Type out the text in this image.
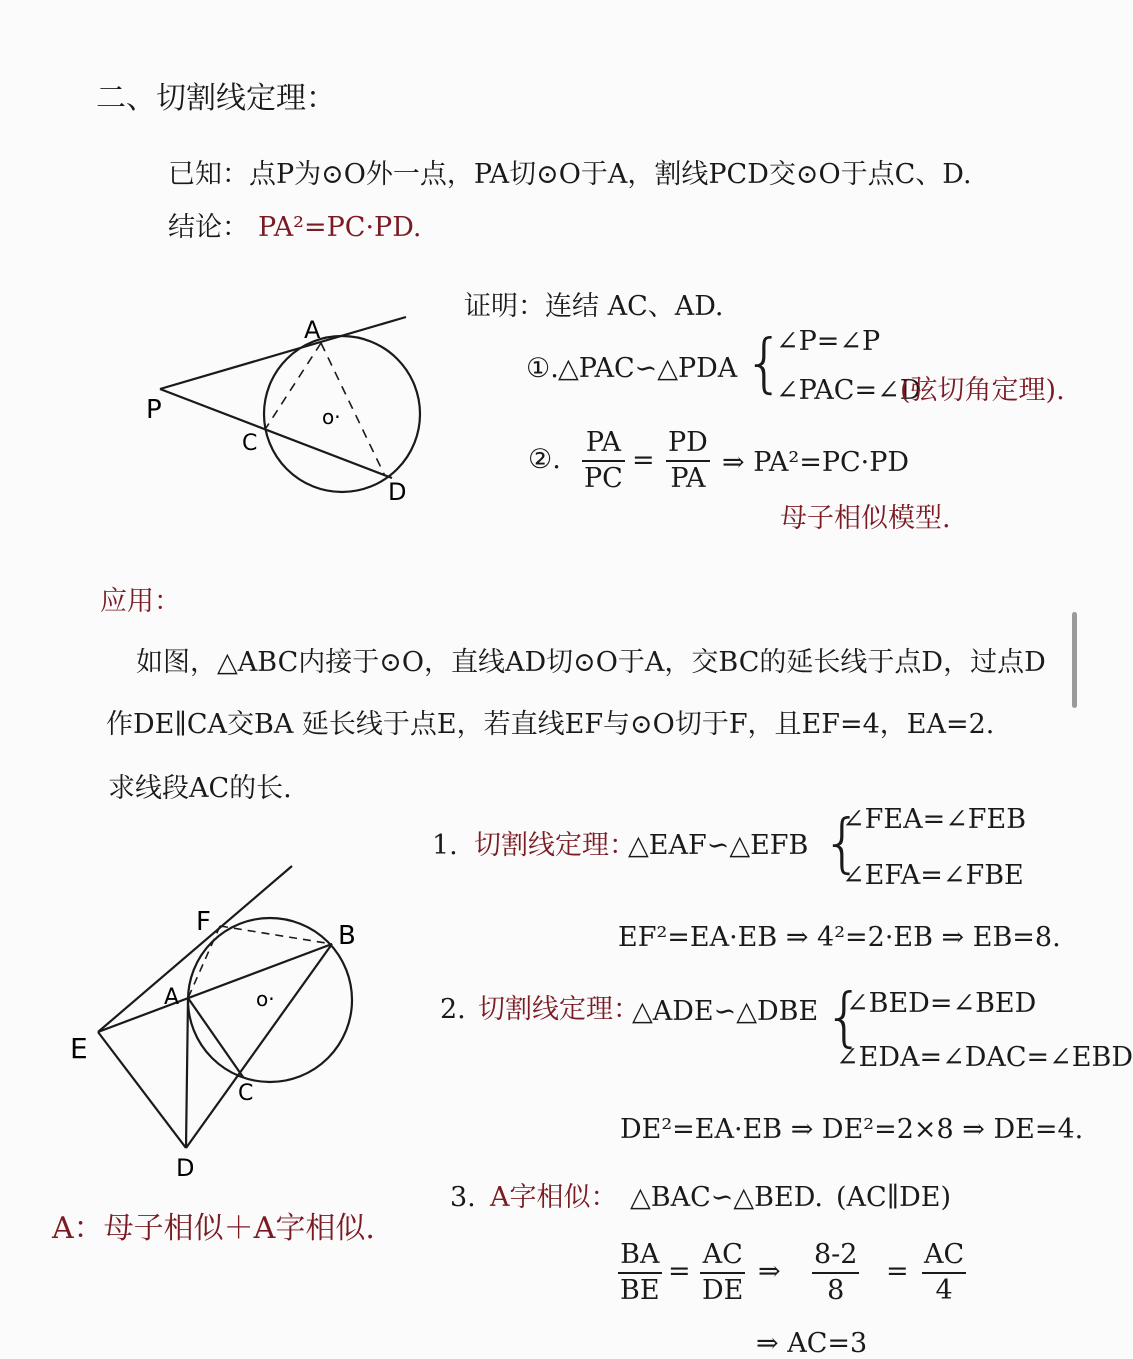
二、切割线定理：
已知：点P为⊙O外一点，PA切⊙O于A，割线PCD交⊙O于点C、D.
结论： PA²=PC·PD.
A
P
C
D
o·
证明：连结 AC、AD.
①. △PAC∽△PDA {
∠P=∠P
∠PAC=∠D
(弦切角定理).
②.
PA
PC
=
PD
PA
⇒ PA²=PC·PD
母子相似模型.
应用：
如图，△ABC内接于⊙O，直线AD切⊙O于A，交BC的延长线于点D，过点D
作DE∥CA交BA 延长线于点E，若直线EF与⊙O切于F，且EF=4，EA=2.
求线段AC的长.
F	B
A	o·
E
C
D
1. 切割线定理：
△EAF∽△EFB {
∠FEA=∠FEB
∠EFA=∠FBE
EF²=EA·EB ⇒ 4²=2·EB ⇒ EB=8.
2. 切割线定理：
△ADE∽△DBE {
∠BED=∠BED
∠EDA=∠DAC=∠EBD
DE²=EA·EB ⇒ DE²=2×8 ⇒ DE=4.
3. A字相似： △BAC∽△BED. (AC∥DE)
BA
BE
=
AC
DE
⇒
8-2
8
=
AC
4
⇒ AC=3
A：母子相似＋A字相似.
